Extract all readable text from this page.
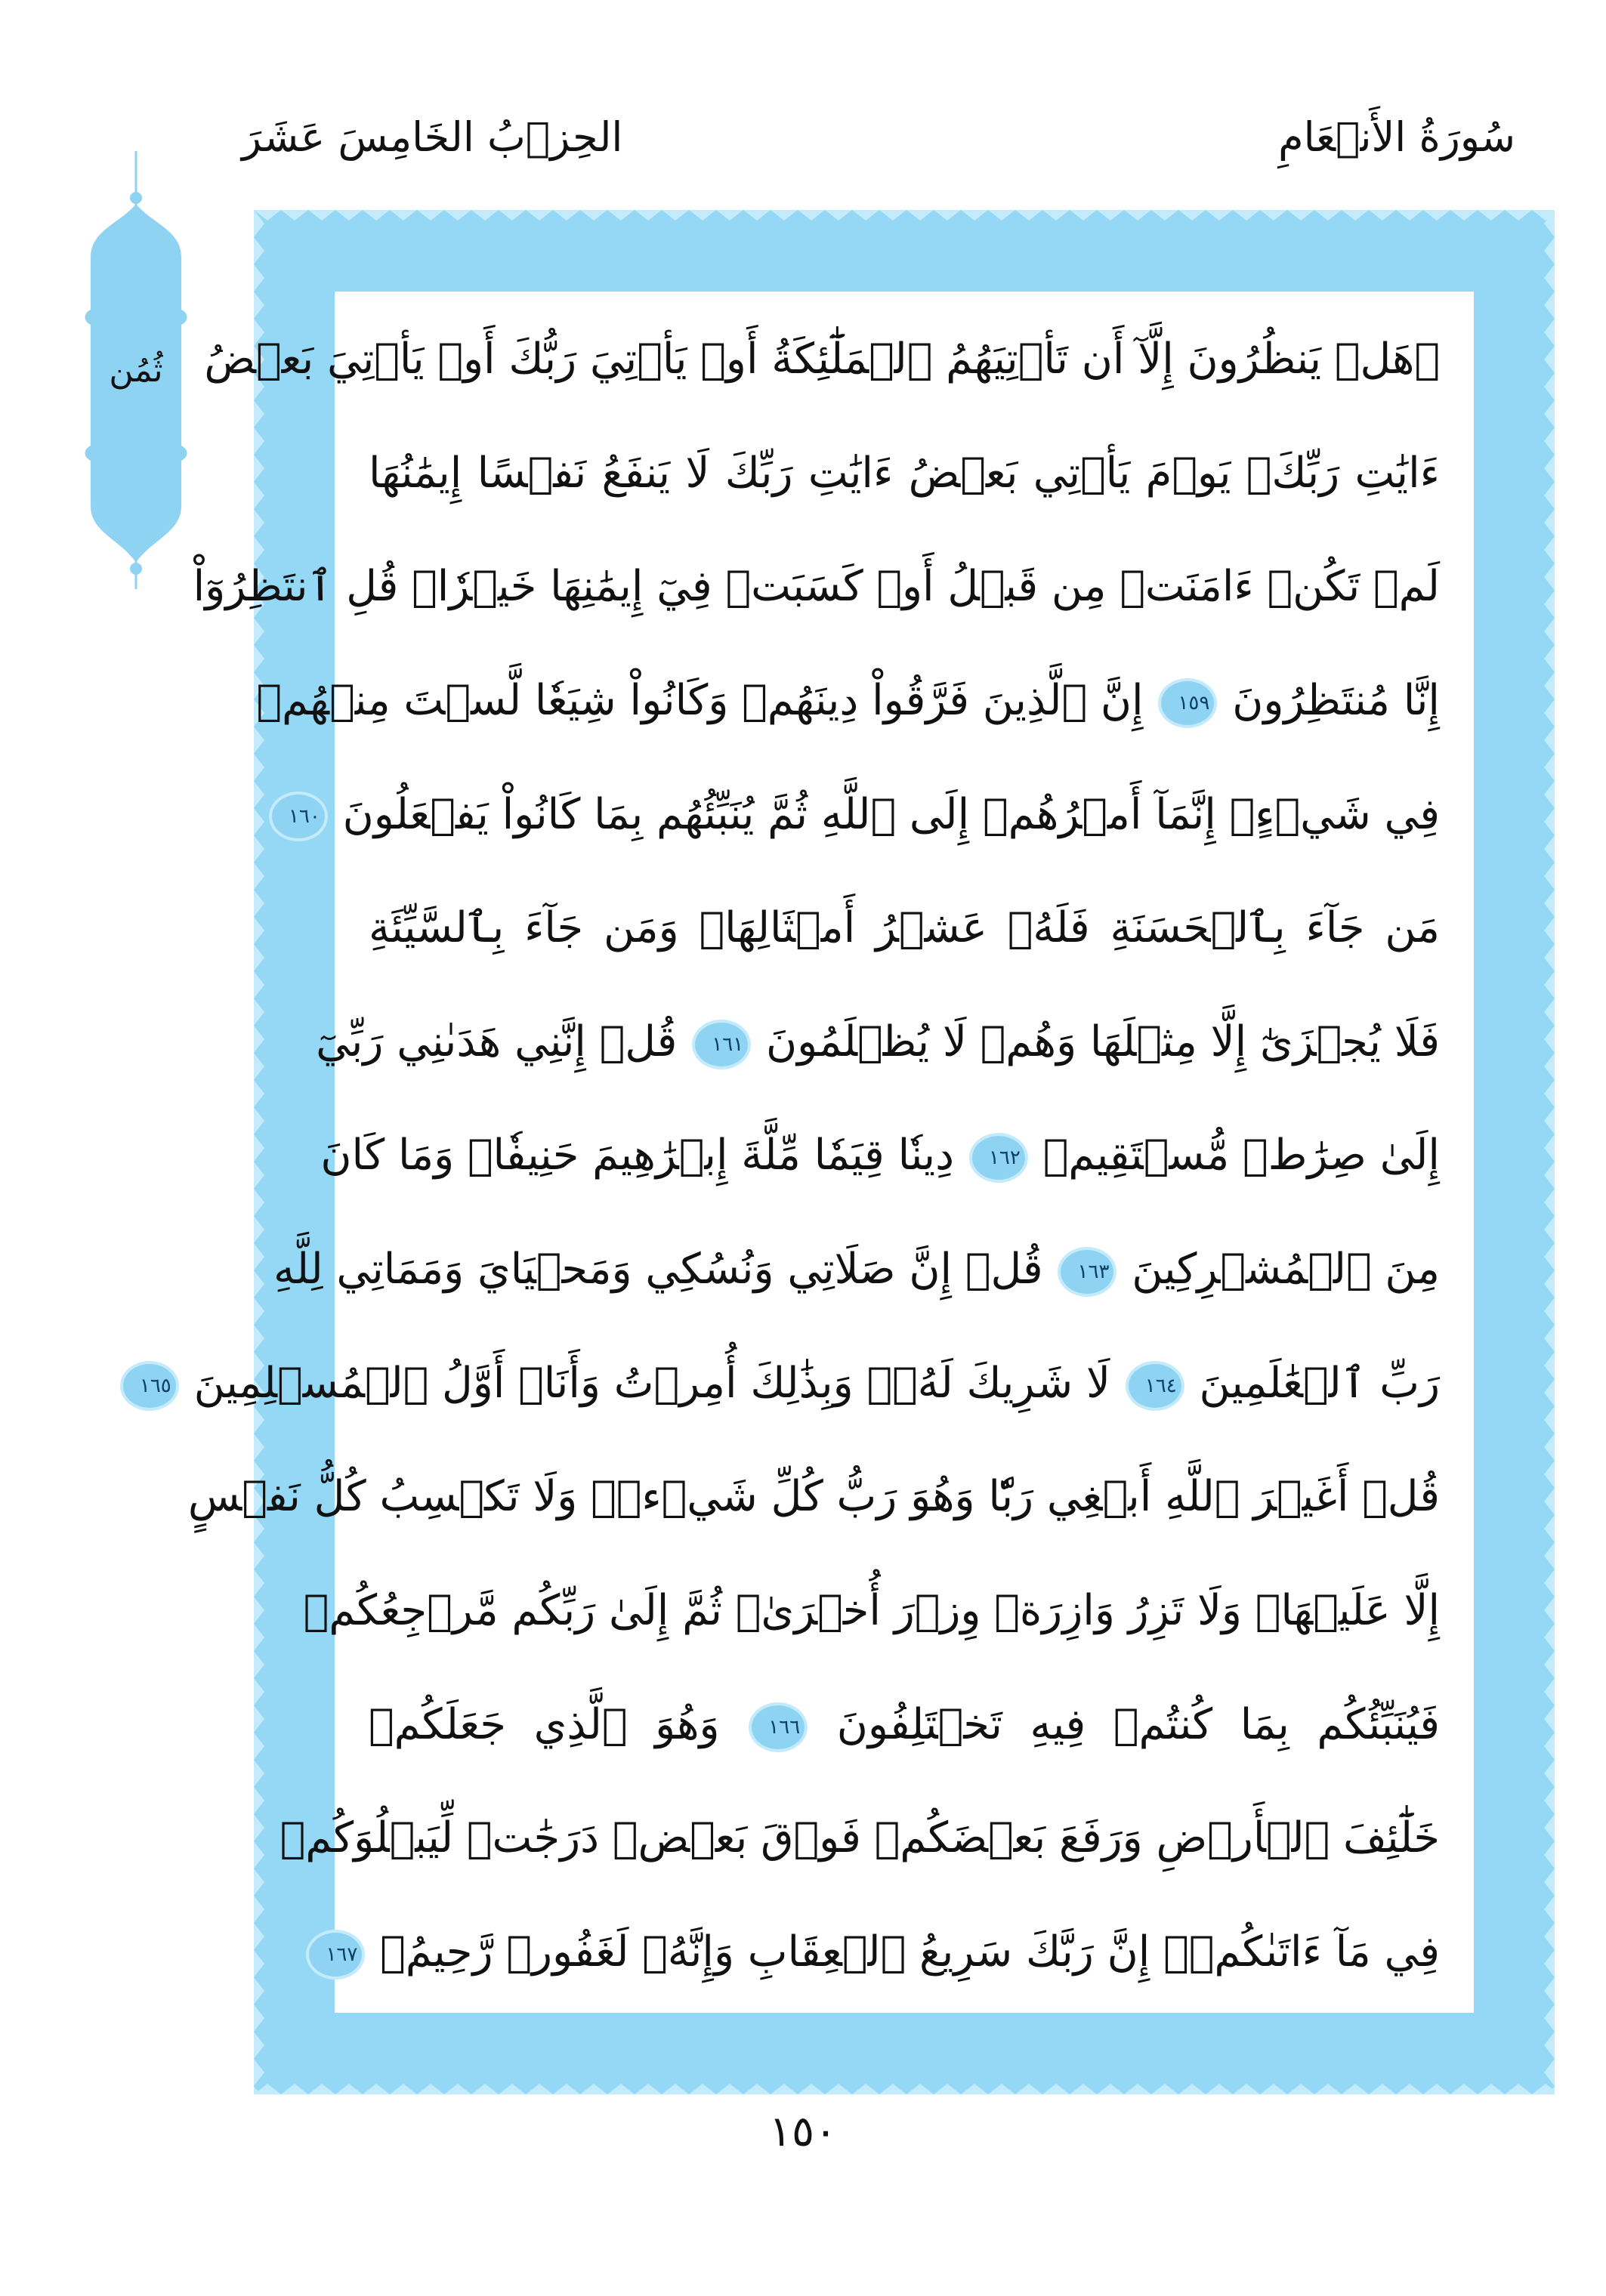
سُورَةُ الأَنۡعَامِ
الحِزۡبُ الخَامِسَ عَشَرَ
ثُمُن ۞هَلۡ يَنظُرُونَ إِلَّآ أَن تَأۡتِيَهُمُ ٱلۡمَلَٰٓئِكَةُ أَوۡ يَأۡتِيَ رَبُّكَ أَوۡ يَأۡتِيَ بَعۡضُ
ءَايَٰتِ رَبِّكَۗ يَوۡمَ يَأۡتِي بَعۡضُ ءَايَٰتِ رَبِّكَ لَا يَنفَعُ نَفۡسًا إِيمَٰنُهَا
لَمۡ تَكُنۡ ءَامَنَتۡ مِن قَبۡلُ أَوۡ كَسَبَتۡ فِيٓ إِيمَٰنِهَا خَيۡرٗاۗ قُلِ ٱنتَظِرُوٓاْ
إِنَّا مُنتَظِرُونَ ١٥٩ إِنَّ ٱلَّذِينَ فَرَّقُواْ دِينَهُمۡ وَكَانُواْ شِيَعٗا لَّسۡتَ مِنۡهُمۡ
فِي شَيۡءٍۚ إِنَّمَآ أَمۡرُهُمۡ إِلَى ٱللَّهِ ثُمَّ يُنَبِّئُهُم بِمَا كَانُواْ يَفۡعَلُونَ ١٦٠
مَن جَآءَ بِٱلۡحَسَنَةِ فَلَهُۥ عَشۡرُ أَمۡثَالِهَاۖ وَمَن جَآءَ بِٱلسَّيِّئَةِ
فَلَا يُجۡزَىٰٓ إِلَّا مِثۡلَهَا وَهُمۡ لَا يُظۡلَمُونَ ١٦١ قُلۡ إِنَّنِي هَدَىٰنِي رَبِّيٓ
إِلَىٰ صِرَٰطٖ مُّسۡتَقِيمٖ ١٦٢ دِينٗا قِيَمٗا مِّلَّةَ إِبۡرَٰهِيمَ حَنِيفٗاۚ وَمَا كَانَ
مِنَ ٱلۡمُشۡرِكِينَ ١٦٣ قُلۡ إِنَّ صَلَاتِي وَنُسُكِي وَمَحۡيَايَ وَمَمَاتِي لِلَّهِ
رَبِّ ٱلۡعَٰلَمِينَ ١٦٤ لَا شَرِيكَ لَهُۥۖ وَبِذَٰلِكَ أُمِرۡتُ وَأَنَا۠ أَوَّلُ ٱلۡمُسۡلِمِينَ ١٦٥
قُلۡ أَغَيۡرَ ٱللَّهِ أَبۡغِي رَبّٗا وَهُوَ رَبُّ كُلِّ شَيۡءٖۚ وَلَا تَكۡسِبُ كُلُّ نَفۡسٍ
إِلَّا عَلَيۡهَاۚ وَلَا تَزِرُ وَازِرَةٞ وِزۡرَ أُخۡرَىٰۚ ثُمَّ إِلَىٰ رَبِّكُم مَّرۡجِعُكُمۡ
فَيُنَبِّئُكُم بِمَا كُنتُمۡ فِيهِ تَخۡتَلِفُونَ ١٦٦ وَهُوَ ٱلَّذِي جَعَلَكُمۡ
خَلَٰٓئِفَ ٱلۡأَرۡضِ وَرَفَعَ بَعۡضَكُمۡ فَوۡقَ بَعۡضٖ دَرَجَٰتٖ لِّيَبۡلُوَكُمۡ
فِي مَآ ءَاتَىٰكُمۡۗ إِنَّ رَبَّكَ سَرِيعُ ٱلۡعِقَابِ وَإِنَّهُۥ لَغَفُورٞ رَّحِيمُۢ ١٦٧
١٥٠
